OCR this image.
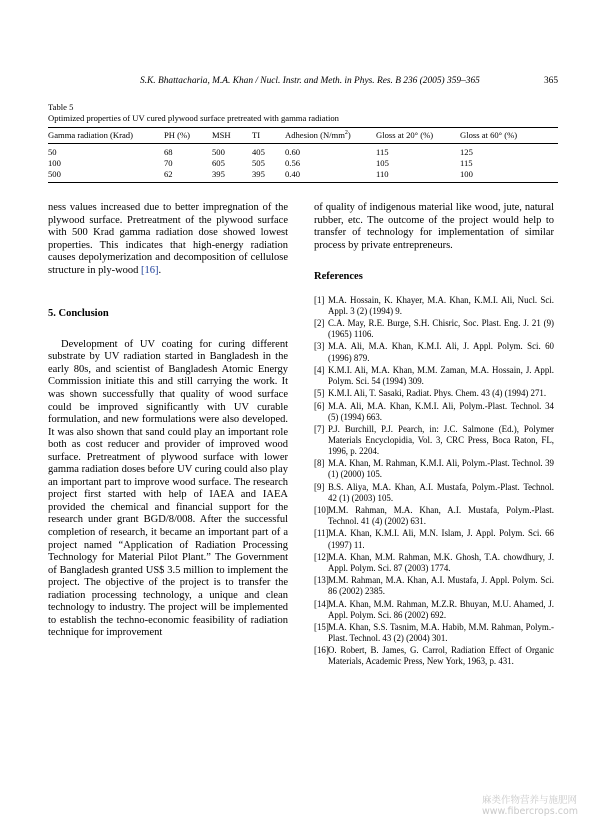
S.K. Bhattacharia, M.A. Khan / Nucl. Instr. and Meth. in Phys. Res. B 236 (2005) 359–365	365
Table 5
Optimized properties of UV cured plywood surface pretreated with gamma radiation
Gamma radiation (Krad)	PH (%)	MSH	TI	Adhesion $(N/mm^2)$	Gloss at 20° (%)	Gloss at 60° (%)
50	68	500	405	0.60	115	125
100	70	605	505	0.56	105	115
500	62	395	395	0.40	110	100

ness values increased due to better impregnation of the plywood surface. Pretreatment of the plywood surface with 500 Krad gamma radiation dose showed lowest properties. This indicates that high-energy radiation causes depolymerization and decomposition of cellulose structure in ply-wood [16].

5. Conclusion

Development of UV coating for curing different substrate by UV radiation started in Bangladesh in the early 80s, and scientist of Bangladesh Atomic Energy Commission initiate this and still carrying the work. It was shown successfully that quality of wood surface could be improved significantly with UV curable formulation, and new formulations were also developed. It was also shown that sand could play an important role both as cost reducer and provider of improved wood surface. Pretreatment of plywood surface with lower gamma radiation doses before UV curing could also play an important part to improve wood surface. The research project first started with help of IAEA and IAEA provided the chemical and financial support for the research under grant BGD/8/008. After the successful completion of research, it became an important part of a project named “Application of Radiation Processing Technology for Material Pilot Plant.” The Government of Bangladesh granted US$ 3.5 million to implement the project. The objective of the project is to transfer the radiation processing technology, a unique and clean technology to industry. The project will be implemented to establish the techno-economic feasibility of radiation technique for improvement

of quality of indigenous material like wood, jute, natural rubber, etc. The outcome of the project would help to transfer of technology for implementation of similar process by private entrepreneurs.

References
[1] M.A. Hossain, K. Khayer, M.A. Khan, K.M.I. Ali, Nucl. Sci. Appl. 3 (2) (1994) 9.
[2] C.A. May, R.E. Burge, S.H. Chisric, Soc. Plast. Eng. J. 21 (9) (1965) 1106.
[3] M.A. Ali, M.A. Khan, K.M.I. Ali, J. Appl. Polym. Sci. 60 (1996) 879.
[4] K.M.I. Ali, M.A. Khan, M.M. Zaman, M.A. Hossain, J. Appl. Polym. Sci. 54 (1994) 309.
[5] K.M.I. Ali, T. Sasaki, Radiat. Phys. Chem. 43 (4) (1994) 271.
[6] M.A. Ali, M.A. Khan, K.M.I. Ali, Polym.-Plast. Technol. 34 (5) (1994) 663.
[7] P.J. Burchill, P.J. Pearch, in: J.C. Salmone (Ed.), Polymer Materials Encyclopidia, Vol. 3, CRC Press, Boca Raton, FL, 1996, p. 2204.
[8] M.A. Khan, M. Rahman, K.M.I. Ali, Polym.-Plast. Technol. 39 (1) (2000) 105.
[9] B.S. Aliya, M.A. Khan, A.I. Mustafa, Polym.-Plast. Technol. 42 (1) (2003) 105.
[10] M.M. Rahman, M.A. Khan, A.I. Mustafa, Polym.-Plast. Technol. 41 (4) (2002) 631.
[11] M.A. Khan, K.M.I. Ali, M.N. Islam, J. Appl. Polym. Sci. 66 (1997) 11.
[12] M.A. Khan, M.M. Rahman, M.K. Ghosh, T.A. chowdhury, J. Appl. Polym. Sci. 87 (2003) 1774.
[13] M.M. Rahman, M.A. Khan, A.I. Mustafa, J. Appl. Polym. Sci. 86 (2002) 2385.
[14] M.A. Khan, M.M. Rahman, M.Z.R. Bhuyan, M.U. Ahamed, J. Appl. Polym. Sci. 86 (2002) 692.
[15] M.A. Khan, S.S. Tasnim, M.A. Habib, M.M. Rahman, Polym.-Plast. Technol. 43 (2) (2004) 301.
[16] O. Robert, B. James, G. Carrol, Radiation Effect of Organic Materials, Academic Press, New York, 1963, p. 431.
麻类作物营养与施肥网
www.fibercrops.com
